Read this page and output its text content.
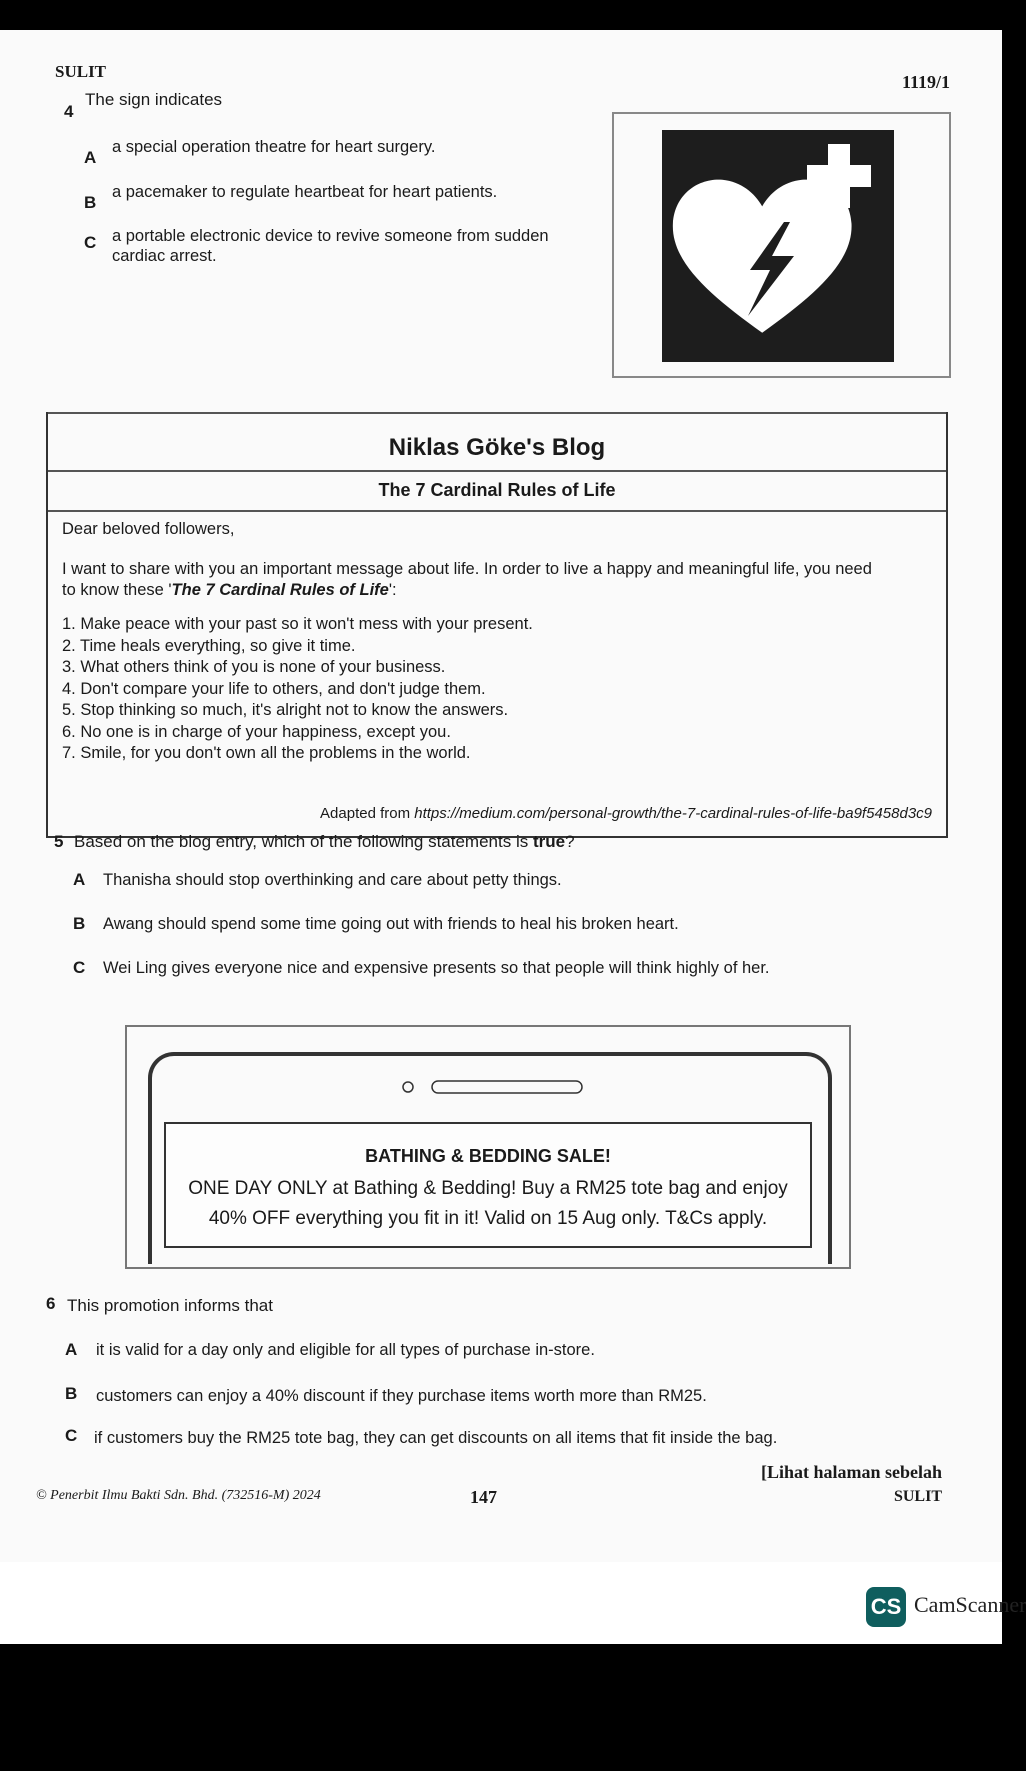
SULIT
1119/1
4
The sign indicates
A
a special operation theatre for heart surgery.
B
a pacemaker to regulate heartbeat for heart patients.
C a portable electronic device to revive someone from sudden cardiac arrest.
Niklas Göke's Blog
The 7 Cardinal Rules of Life
Dear beloved followers,
I want to share with you an important message about life. In order to live a happy and meaningful life, you need
to know these 'The 7 Cardinal Rules of Life':
1. Make peace with your past so it won't mess with your present.
2. Time heals everything, so give it time.
3. What others think of you is none of your business.
4. Don't compare your life to others, and don't judge them.
5. Stop thinking so much, it's alright not to know the answers.
6. No one is in charge of your happiness, except you.
7. Smile, for you don't own all the problems in the world.
Adapted from https://medium.com/personal-growth/the-7-cardinal-rules-of-life-ba9f5458d3c9
5 Based on the blog entry, which of the following statements is true?
A Thanisha should stop overthinking and care about petty things.
B Awang should spend some time going out with friends to heal his broken heart.
C Wei Ling gives everyone nice and expensive presents so that people will think highly of her.
BATHING & BEDDING SALE!
ONE DAY ONLY at Bathing & Bedding! Buy a RM25 tote bag and enjoy
40% OFF everything you fit in it! Valid on 15 Aug only. T&Cs apply.
6 This promotion informs that
A it is valid for a day only and eligible for all types of purchase in-store.
B customers can enjoy a 40% discount if they purchase items worth more than RM25.
C if customers buy the RM25 tote bag, they can get discounts on all items that fit inside the bag.
© Penerbit Ilmu Bakti Sdn. Bhd. (732516-M) 2024	147
[Lihat halaman sebelah
SULIT
CS CamScanner
